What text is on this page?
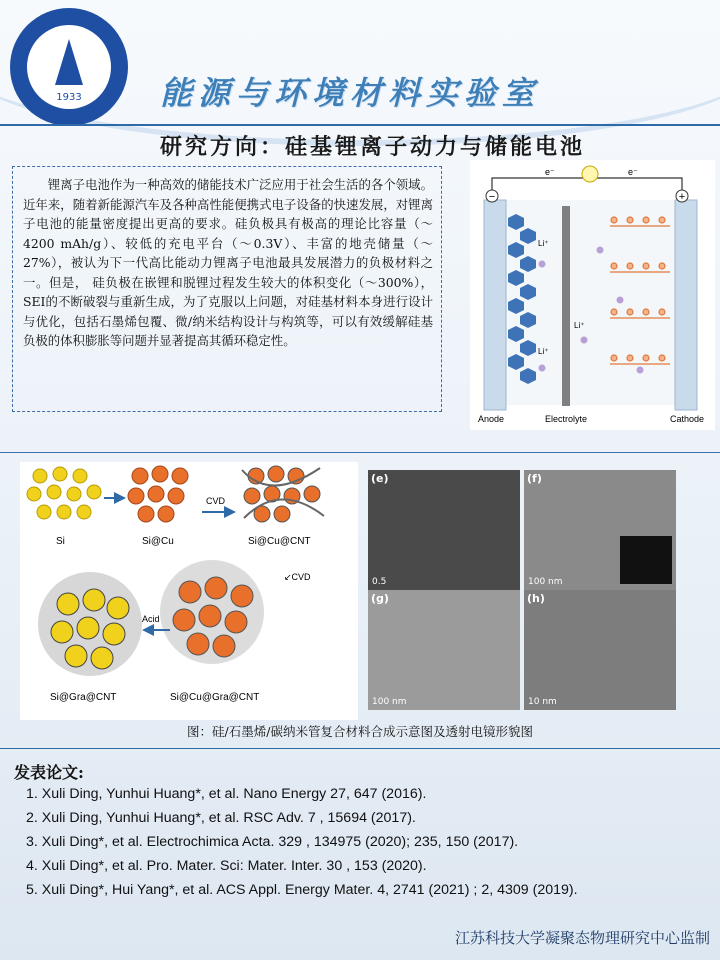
1933	能源与环境材料实验室
研究方向：硅基锂离子动力与储能电池
锂离子电池作为一种高效的储能技术广泛应用于社会生活的各个领域。近年来，随着新能源汽车及各种高性能便携式电子设备的快速发展，对锂离子电池的能量密度提出更高的要求。硅负极具有极高的理论比容量（～4200 mAh/g）、较低的充电平台（～0.3V）、丰富的地壳储量（～27%），被认为下一代高比能动力锂离子电池最具发展潜力的负极材料之一。但是， 硅负极在嵌锂和脱锂过程发生较大的体积变化（～300%），SEI的不断破裂与重新生成，为了克服以上问题，对硅基材料本身进行设计与优化，包括石墨烯包覆、微/纳米结构设计与构筑等，可以有效缓解硅基负极的体积膨胀等问题并显著提高其循环稳定性。
−	+
e⁻	e⁻
Li⁺
Li⁺
Li⁺
Anode	Electrolyte	Cathode
Si	Si@Cu	Si@Cu@CNT
CVD
↙CVD
Acid
Si@Gra@CNT	Si@Cu@Gra@CNT
(e)
0.5
(f)
100 nm
(g)
100 nm
(h)
10 nm
图：硅/石墨烯/碳纳米管复合材料合成示意图及透射电镜形貌图
发表论文:
1. Xuli Ding, Yunhui Huang*, et al. Nano Energy 27, 647 (2016).
2. Xuli Ding, Yunhui Huang*, et al. RSC Adv. 7 , 15694 (2017).
3. Xuli Ding*, et al. Electrochimica Acta. 329 , 134975 (2020); 235, 150 (2017).
4. Xuli Ding*, et al. Pro. Mater. Sci: Mater. Inter. 30 , 153 (2020).
5. Xuli Ding*, Hui Yang*, et al. ACS Appl. Energy Mater. 4, 2741 (2021) ; 2, 4309 (2019).
江苏科技大学凝聚态物理研究中心监制
